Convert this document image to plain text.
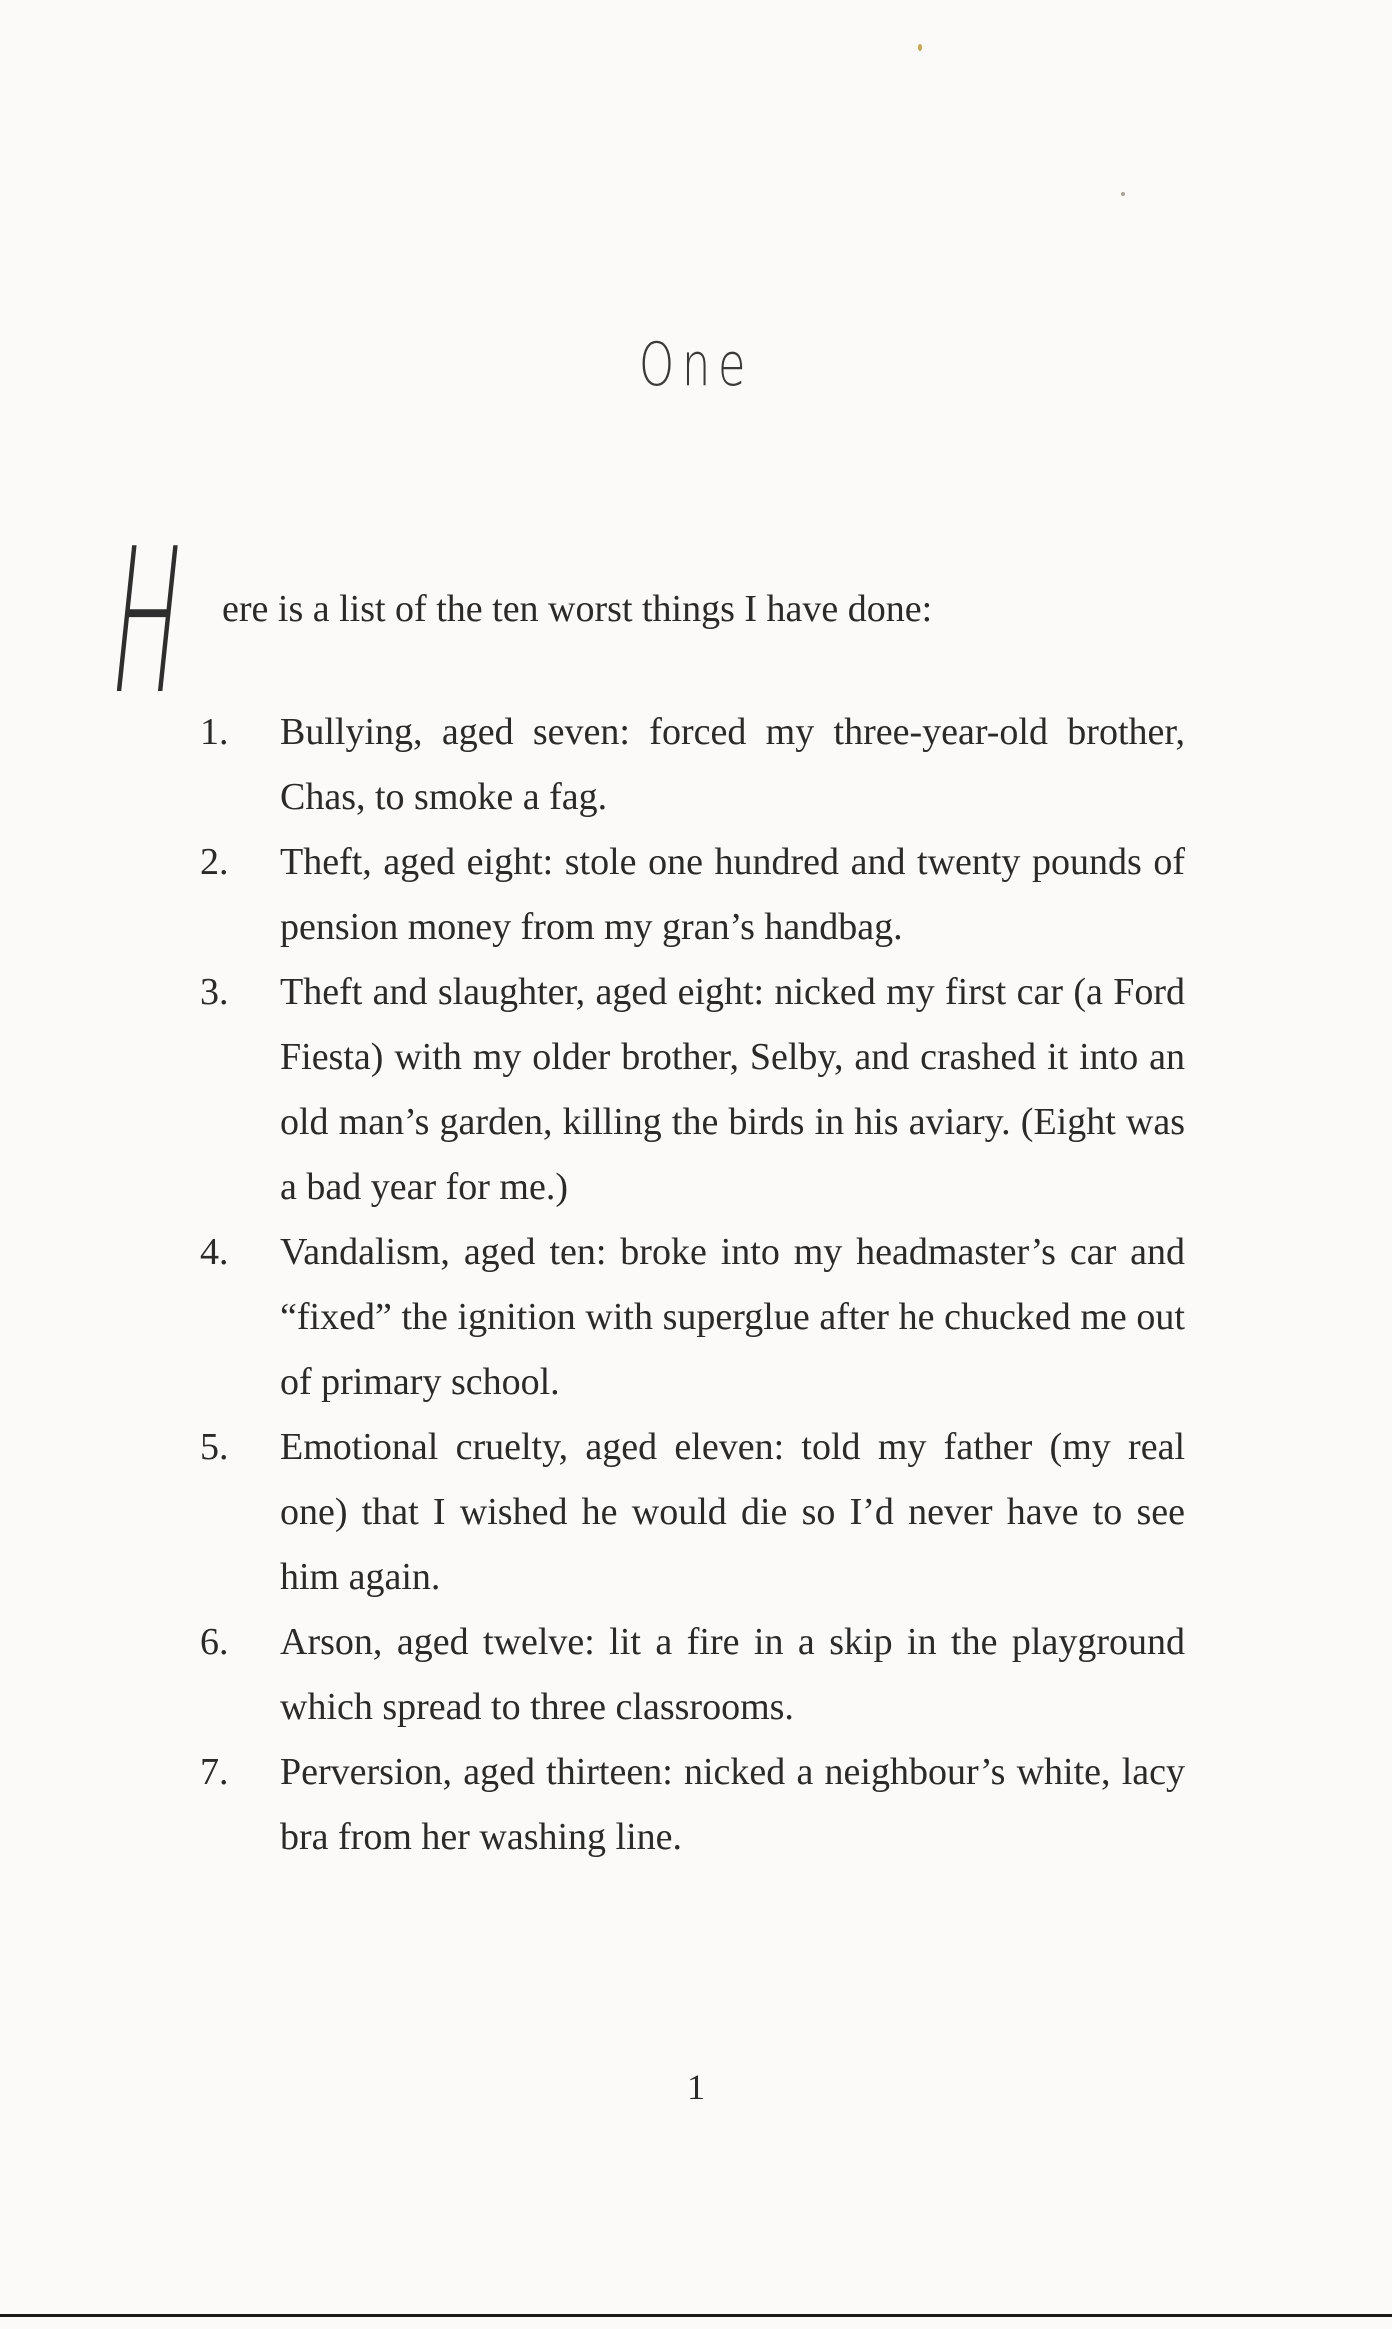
One
H ere is a list of the ten worst things I have done:
1.	Bullying, aged seven: forced my three-year-old brother, Chas, to smoke a fag.
2.	Theft, aged eight: stole one hundred and twenty pounds of pension money from my gran’s handbag.
3.	Theft and slaughter, aged eight: nicked my first car (a Ford Fiesta) with my older brother, Selby, and crashed it into an old man’s garden, killing the birds in his aviary. (Eight was a bad year for me.)
4.	Vandalism, aged ten: broke into my headmaster’s car and “fixed” the ignition with superglue after he chucked me out of primary school.
5.	Emotional cruelty, aged eleven: told my father (my real one) that I wished he would die so I’d never have to see him again.
6.	Arson, aged twelve: lit a fire in a skip in the playground which spread to three classrooms.
7.	Perversion, aged thirteen: nicked a neighbour’s white, lacy bra from her washing line.
1
